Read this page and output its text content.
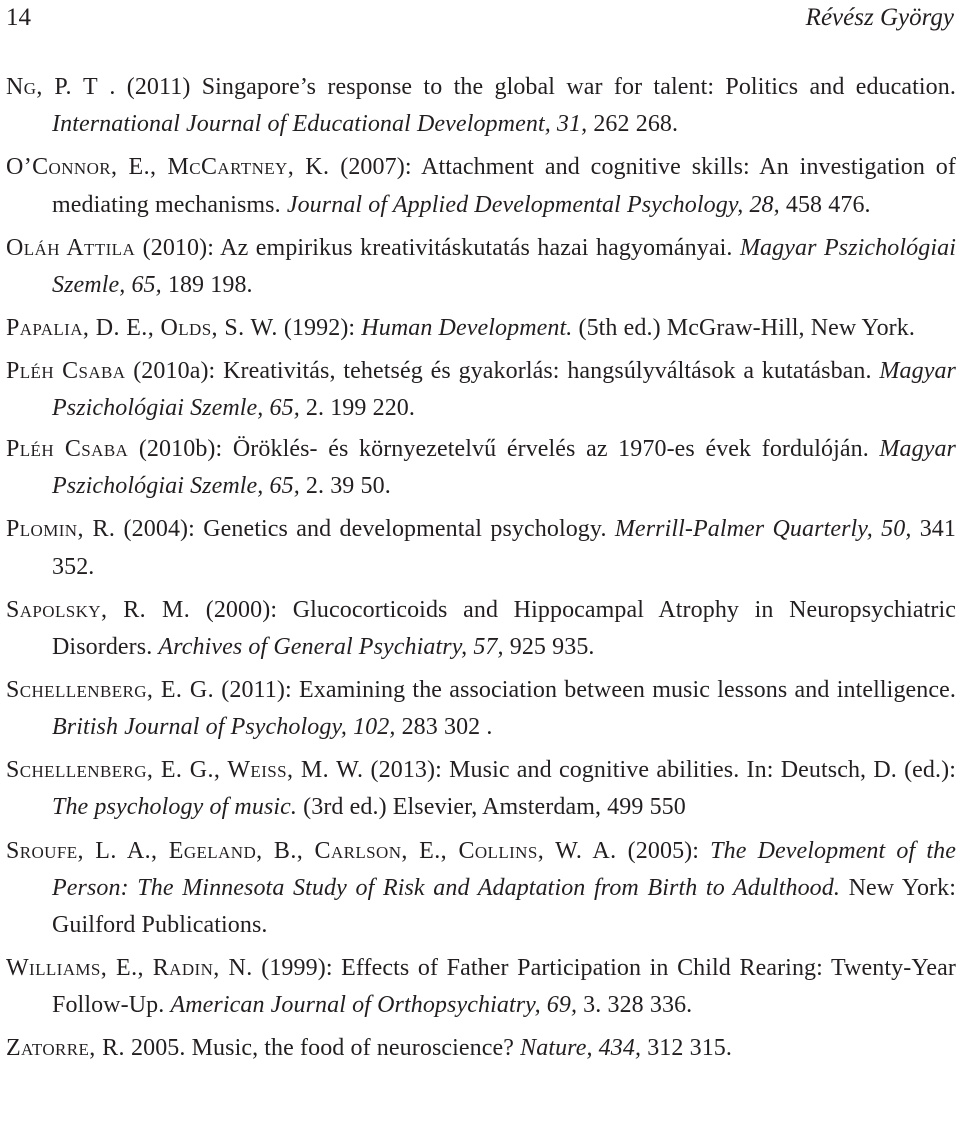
14	Révész György
Ng, P. T . (2011) Singapore’s response to the global war for talent: Politics and education. International Journal of Educational Development, 31, 262 268.
O’Connor, E., McCartney, K. (2007): Attachment and cognitive skills: An investigation of mediating mechanisms. Journal of Applied Developmental Psychology, 28, 458 476.
Oláh Attila (2010): Az empirikus kreativitáskutatás hazai hagyományai. Magyar Pszichológiai Szemle, 65, 189 198.
Papalia, D. E., Olds, S. W. (1992): Human Development. (5th ed.) McGraw-Hill, New York.
Pléh Csaba (2010a): Kreativitás, tehetség és gyakorlás: hangsúlyváltások a kutatásban. Magyar Pszichológiai Szemle, 65, 2. 199 220.
Pléh Csaba (2010b): Öröklés- és környezetelvű érvelés az 1970-es évek fordulóján. Magyar Pszichológiai Szemle, 65, 2. 39 50.
Plomin, R. (2004): Genetics and developmental psychology. Merrill-Palmer Quarterly, 50, 341 352.
Sapolsky, R. M. (2000): Glucocorticoids and Hippocampal Atrophy in Neuropsychiatric Disorders. Archives of General Psychiatry, 57, 925 935.
Schellenberg, E. G. (2011): Examining the association between music lessons and intelligence. British Journal of Psychology, 102, 283 302 .
Schellenberg, E. G., Weiss, M. W. (2013): Music and cognitive abilities. In: Deutsch, D. (ed.): The psychology of music. (3rd ed.) Elsevier, Amsterdam, 499 550
Sroufe, L. A., Egeland, B., Carlson, E., Collins, W. A. (2005): The Development of the Person: The Minnesota Study of Risk and Adaptation from Birth to Adulthood. New York: Guilford Publications.
Williams, E., Radin, N. (1999): Effects of Father Participation in Child Rearing: Twenty-Year Follow-Up. American Journal of Orthopsychiatry, 69, 3. 328 336.
Zatorre, R. 2005. Music, the food of neuroscience? Nature, 434, 312 315.
